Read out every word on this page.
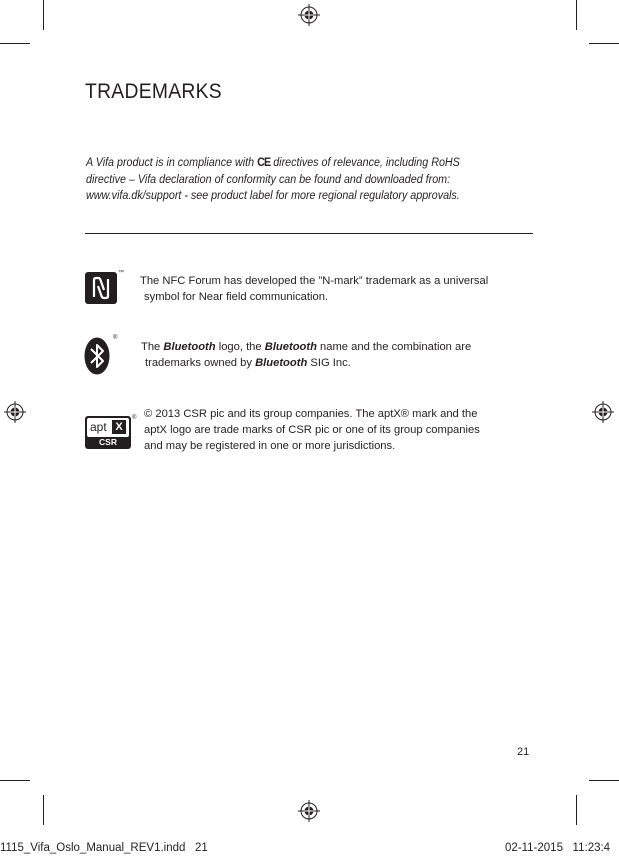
TRADEMARKS
A Vifa product is in compliance with CE directives of relevance, including RoHS
directive – Vifa declaration of conformity can be found and downloaded from:
www.vifa.dk/support - see product label for more regional regulatory approvals.
™
The NFC Forum has developed the ”N-mark” trademark as a universal
symbol for Near field communication.
®
The Bluetooth logo, the Bluetooth name and the combination are
trademarks owned by Bluetooth SIG Inc.
apt X
CSR
® © 2013 CSR pic and its group companies. The aptX® mark and the
aptX logo are trade marks of CSR pic or one of its group companies
and may be registered in one or more jurisdictions.
21
1115_Vifa_Oslo_Manual_REV1.indd   21	02-11-2015   11:23:4
